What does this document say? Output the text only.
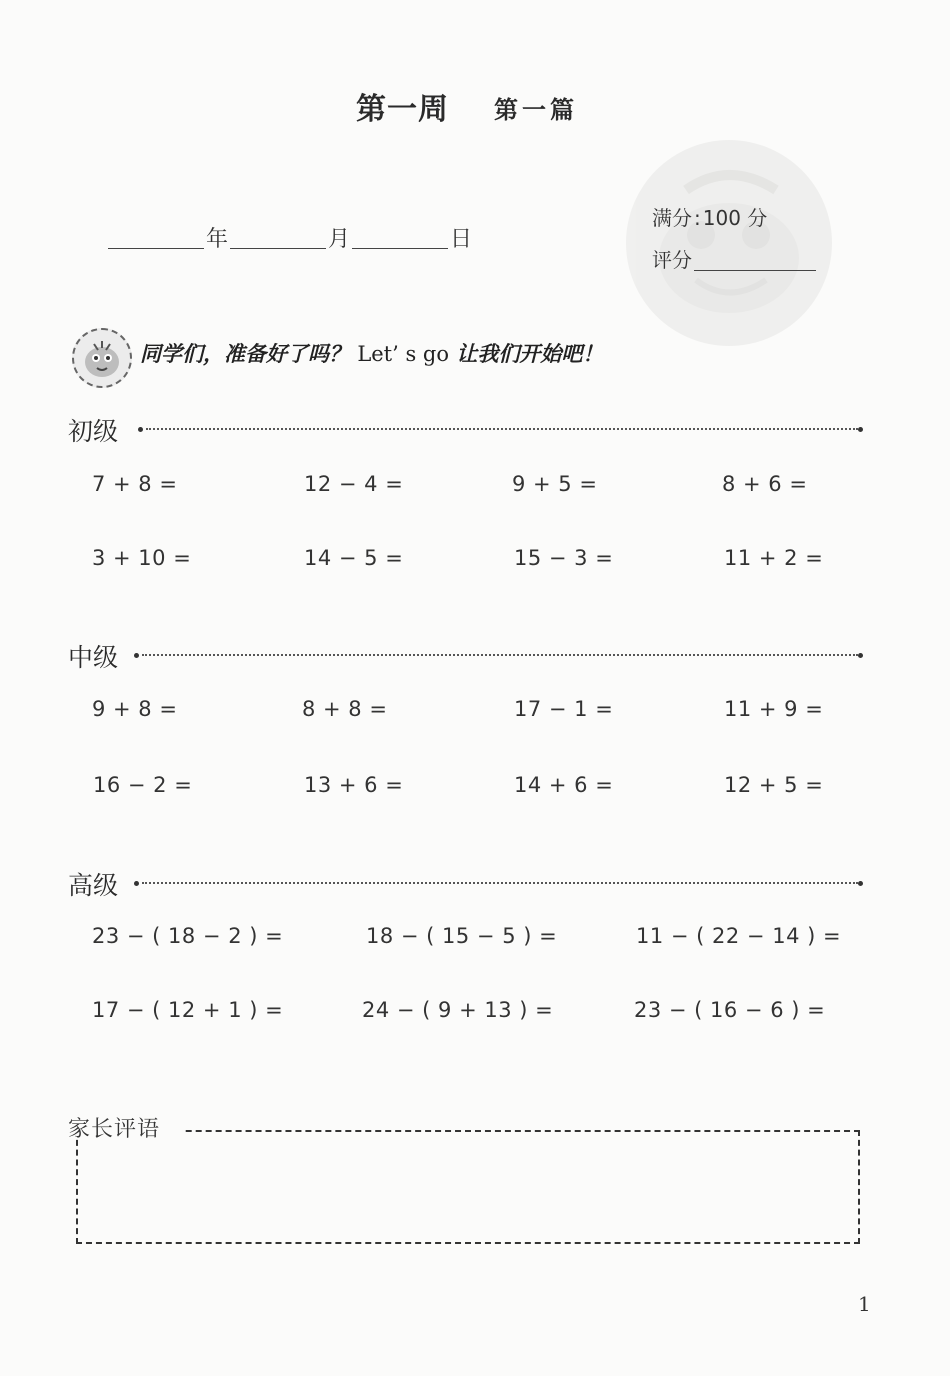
第一周 第一篇
年	月	日
满分 : 100 分
评分
同学们，准备好了吗？ Let’ s go 让我们开始吧！
初级
7 + 8 =	12 − 4 =	9 + 5 =	8 + 6 =
3 + 10 =	14 − 5 =	15 − 3 =	11 + 2 =
中级
9 + 8 =	8 + 8 =	17 − 1 =	11 + 9 =
16 − 2 =	13 + 6 =	14 + 6 =	12 + 5 =
高级
23 − ( 18 − 2 ) =	18 − ( 15 − 5 ) =	11 − ( 22 − 14 ) =
17 − ( 12 + 1 ) =	24 − ( 9 + 13 ) =	23 − ( 16 − 6 ) =
家长评语
1
